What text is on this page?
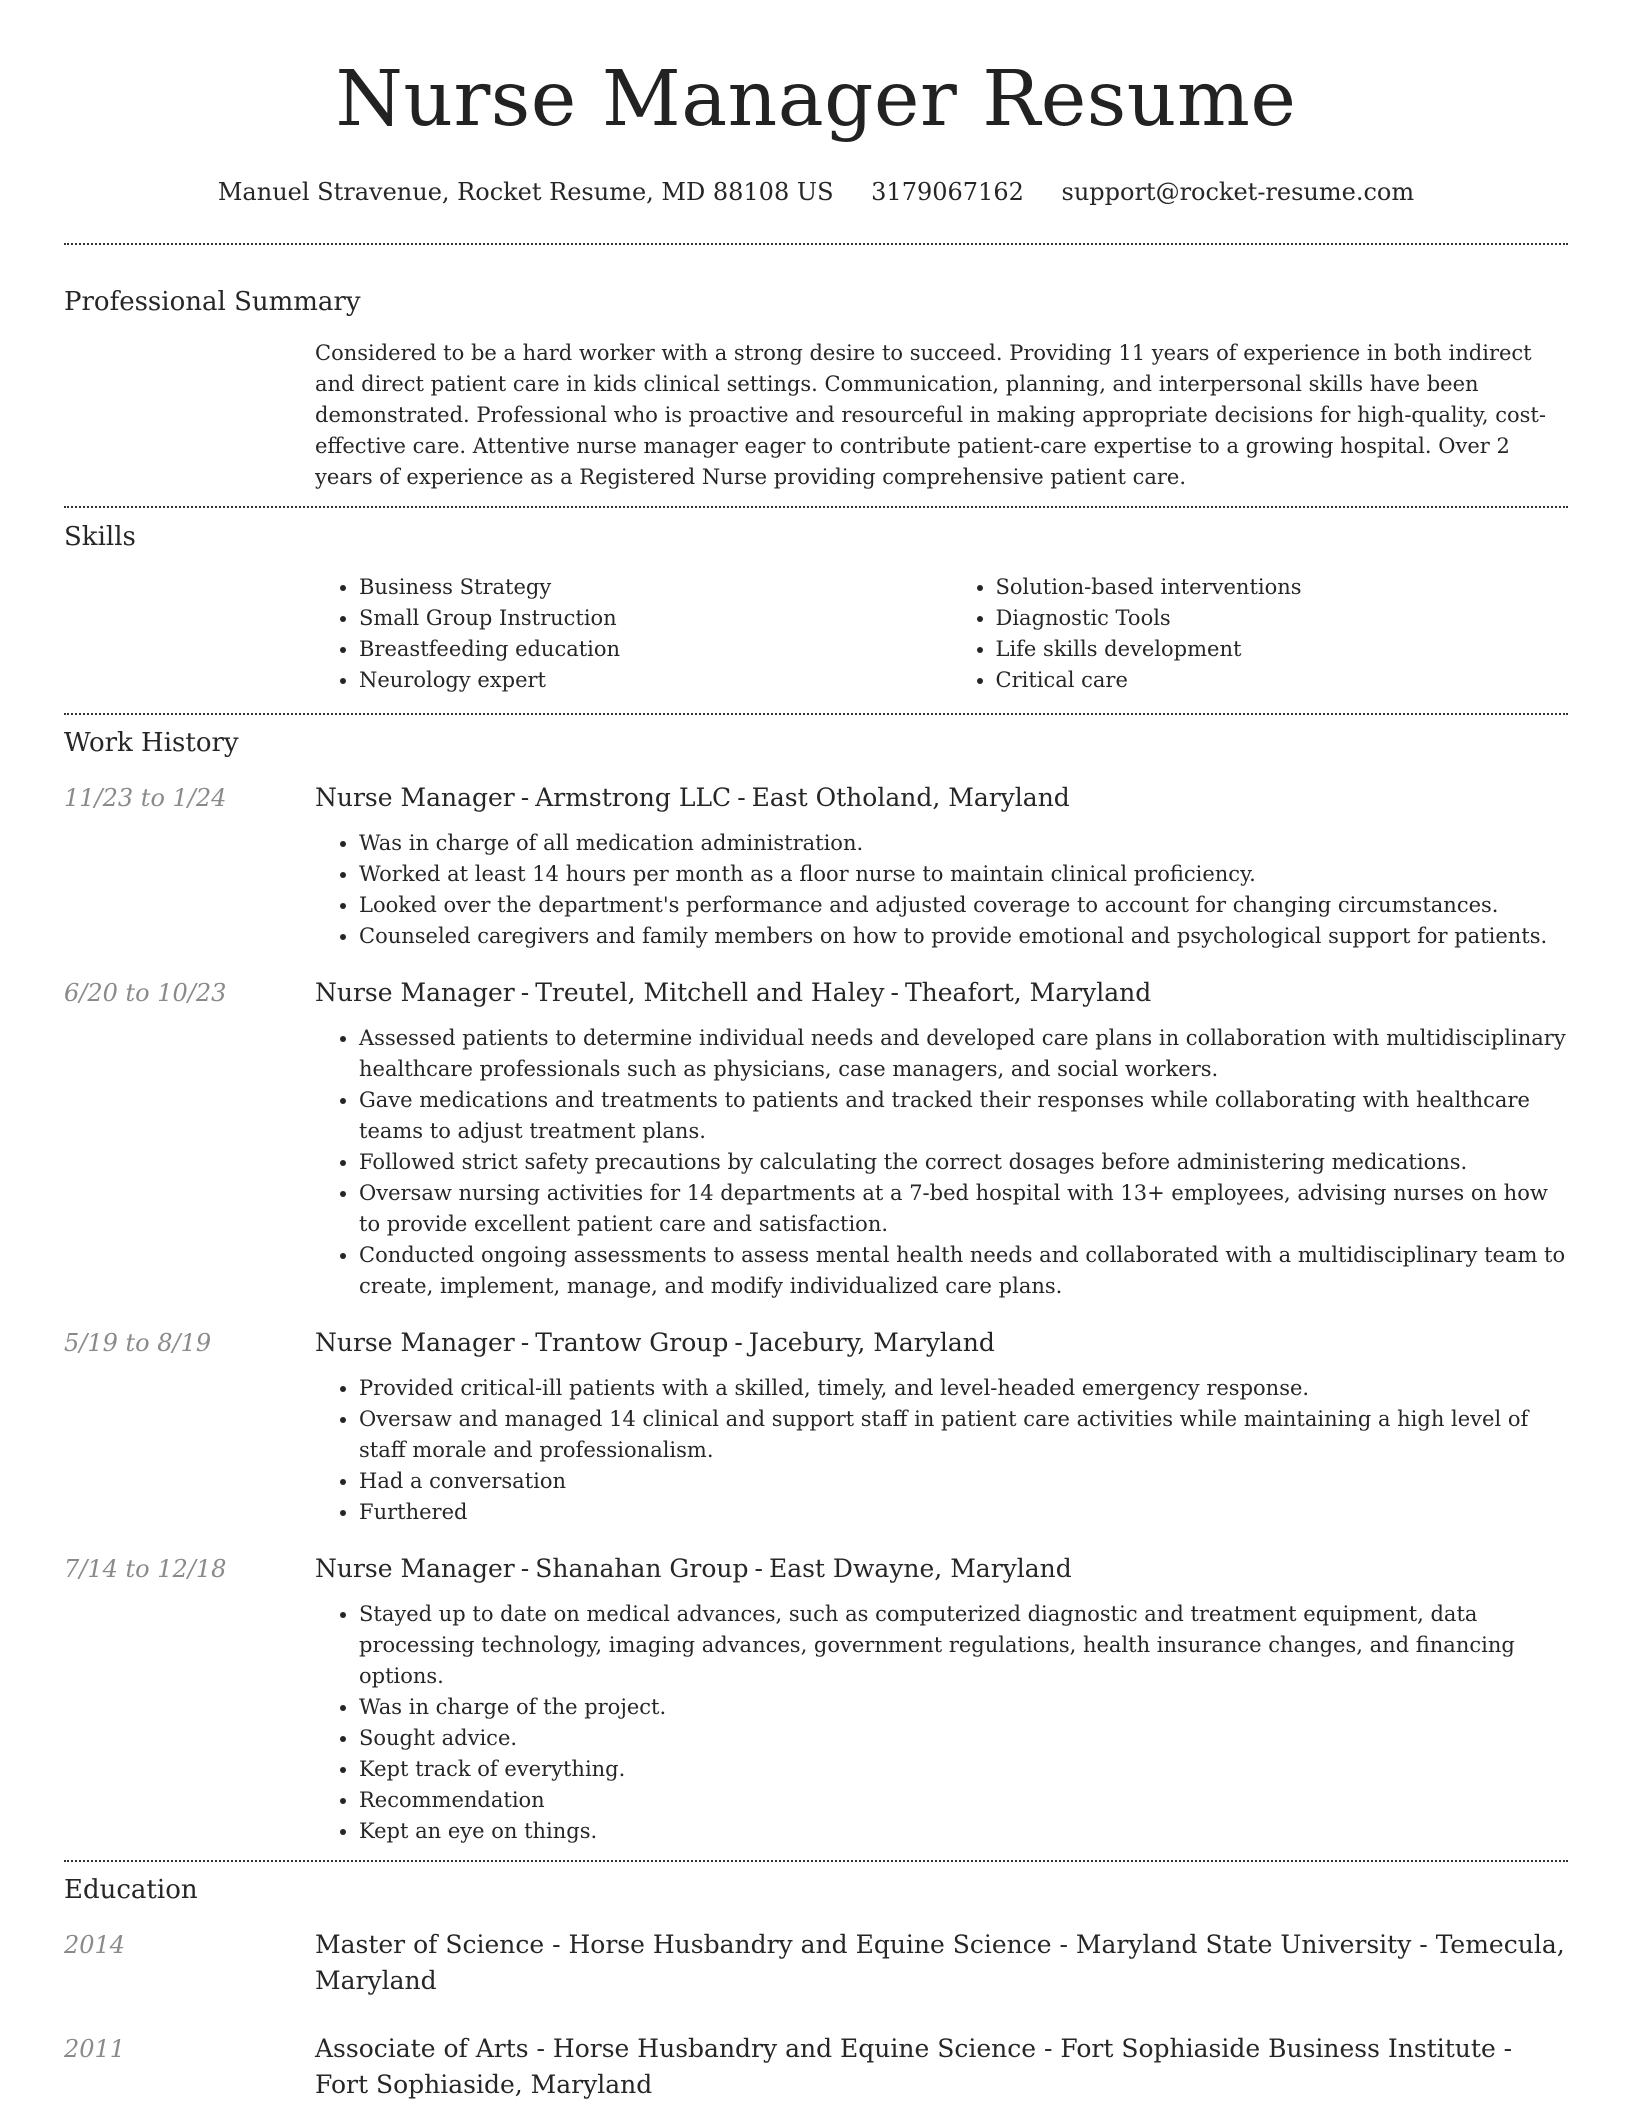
Nurse Manager Resume
Manuel Stravenue, Rocket Resume, MD 88108 US 3179067162 support@rocket-resume.com
Professional Summary

Considered to be a hard worker with a strong desire to succeed. Providing 11 years of experience in both indirect and direct patient care in kids clinical settings. Communication, planning, and interpersonal skills have been demonstrated. Professional who is proactive and resourceful in making appropriate decisions for high-quality, cost-effective care. Attentive nurse manager eager to contribute patient-care expertise to a growing hospital. Over 2 years of experience as a Registered Nurse providing comprehensive patient care.

Skills
• Business Strategy
• Small Group Instruction
• Breastfeeding education
• Neurology expert
• Solution-based interventions
• Diagnostic Tools
• Life skills development
• Critical care
Work History
11/23 to 1/24	Nurse Manager - Armstrong LLC - East Otholand, Maryland
• Was in charge of all medication administration.
• Worked at least 14 hours per month as a floor nurse to maintain clinical proficiency.
• Looked over the department's performance and adjusted coverage to account for changing circumstances.
• Counseled caregivers and family members on how to provide emotional and psychological support for patients.
6/20 to 10/23	Nurse Manager - Treutel, Mitchell and Haley - Theafort, Maryland
• Assessed patients to determine individual needs and developed care plans in collaboration with multidisciplinary healthcare professionals such as physicians, case managers, and social workers.
• Gave medications and treatments to patients and tracked their responses while collaborating with healthcare teams to adjust treatment plans.
• Followed strict safety precautions by calculating the correct dosages before administering medications.
• Oversaw nursing activities for 14 departments at a 7-bed hospital with 13+ employees, advising nurses on how to provide excellent patient care and satisfaction.
• Conducted ongoing assessments to assess mental health needs and collaborated with a multidisciplinary team to create, implement, manage, and modify individualized care plans.
5/19 to 8/19	Nurse Manager - Trantow Group - Jacebury, Maryland
• Provided critical-ill patients with a skilled, timely, and level-headed emergency response.
• Oversaw and managed 14 clinical and support staff in patient care activities while maintaining a high level of staff morale and professionalism.
• Had a conversation
• Furthered
7/14 to 12/18	Nurse Manager - Shanahan Group - East Dwayne, Maryland
• Stayed up to date on medical advances, such as computerized diagnostic and treatment equipment, data processing technology, imaging advances, government regulations, health insurance changes, and financing options.
• Was in charge of the project.
• Sought advice.
• Kept track of everything.
• Recommendation
• Kept an eye on things.
Education
2014	Master of Science - Horse Husbandry and Equine Science - Maryland State University - Temecula, Maryland
2011	Associate of Arts - Horse Husbandry and Equine Science - Fort Sophiaside Business Institute - Fort Sophiaside, Maryland
